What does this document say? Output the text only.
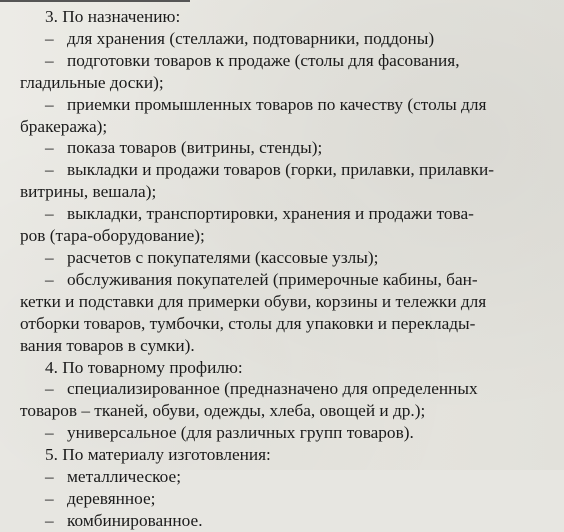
3. По назначению:
– для хранения (стеллажи, подтоварники, поддоны)
– подготовки товаров к продаже (столы для фасования,
гладильные доски);
– приемки промышленных товаров по качеству (столы для
бракеража);
– показа товаров (витрины, стенды);
– выкладки и продажи товаров (горки, прилавки, прилавки-
витрины, вешала);
– выкладки, транспортировки, хранения и продажи това-
ров (тара-оборудование);
– расчетов с покупателями (кассовые узлы);
– обслуживания покупателей (примерочные кабины, бан-
кетки и подставки для примерки обуви, корзины и тележки для
отборки товаров, тумбочки, столы для упаковки и переклады-
вания товаров в сумки).
4. По товарному профилю:
– специализированное (предназначено для определенных
товаров – тканей, обуви, одежды, хлеба, овощей и др.);
– универсальное (для различных групп товаров).
5. По материалу изготовления:
– металлическое;
– деревянное;
– комбинированное.
